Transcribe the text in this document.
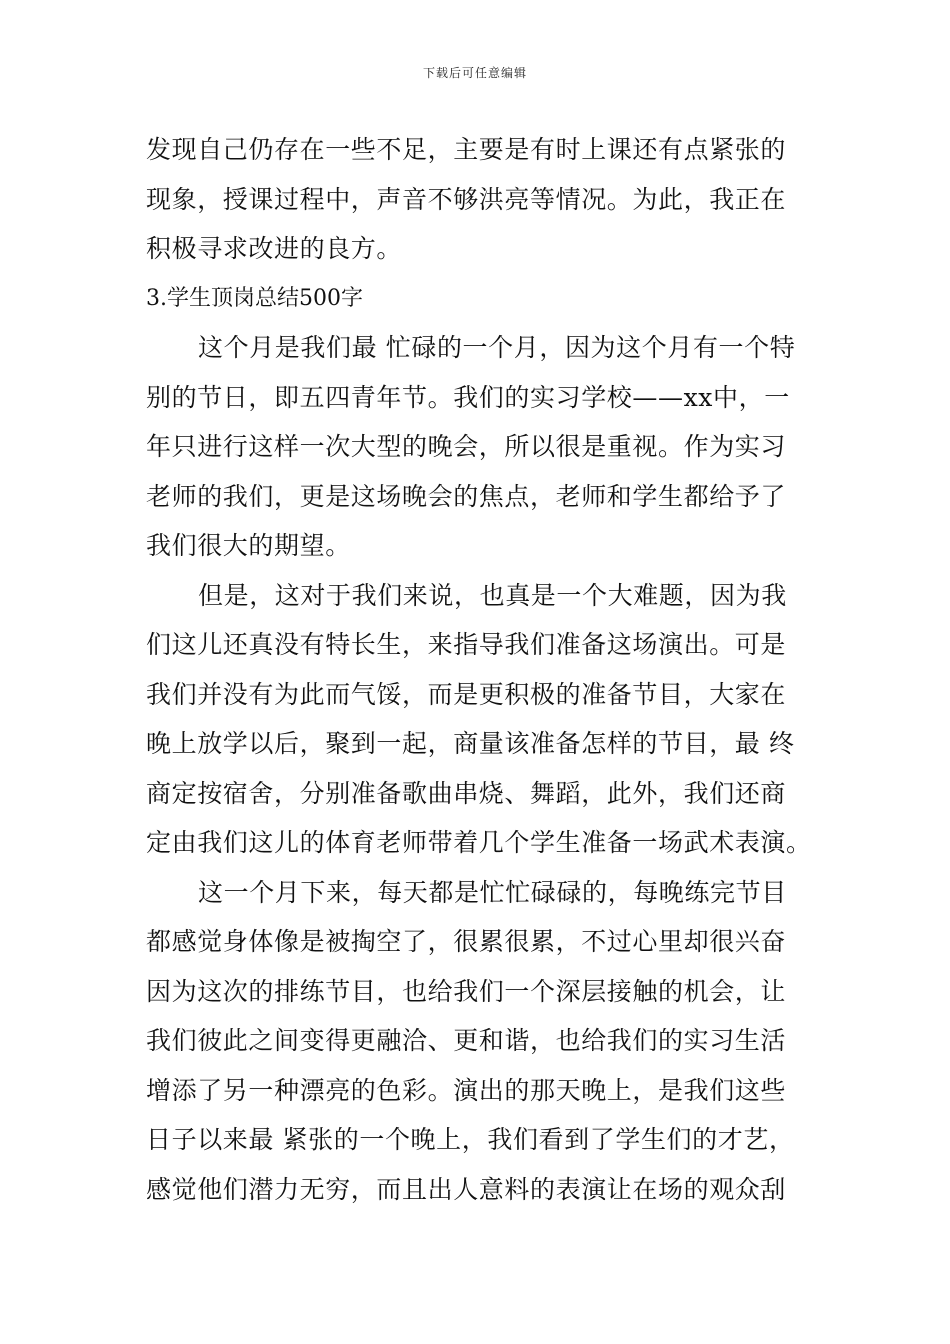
下载后可任意编辑
发现自己仍存在一些不足，主要是有时上课还有点紧张的
现象，授课过程中，声音不够洪亮等情况。为此，我正在
积极寻求改进的良方。
3.学生顶岗总结500字
这个月是我们最 忙碌的一个月，因为这个月有一个特
别的节日，即五四青年节。我们的实习学校——xx中，一
年只进行这样一次大型的晚会，所以很是重视。作为实习
老师的我们，更是这场晚会的焦点，老师和学生都给予了
我们很大的期望。
但是，这对于我们来说，也真是一个大难题，因为我
们这儿还真没有特长生，来指导我们准备这场演出。可是
我们并没有为此而气馁，而是更积极的准备节目，大家在
晚上放学以后，聚到一起，商量该准备怎样的节目，最 终
商定按宿舍，分别准备歌曲串烧、舞蹈，此外，我们还商
定由我们这儿的体育老师带着几个学生准备一场武术表演。
这一个月下来，每天都是忙忙碌碌的，每晚练完节目
都感觉身体像是被掏空了，很累很累，不过心里却很兴奋
因为这次的排练节目，也给我们一个深层接触的机会，让
我们彼此之间变得更融洽、更和谐，也给我们的实习生活
增添了另一种漂亮的色彩。演出的那天晚上，是我们这些
日子以来最 紧张的一个晚上，我们看到了学生们的才艺，
感觉他们潜力无穷，而且出人意料的表演让在场的观众刮
